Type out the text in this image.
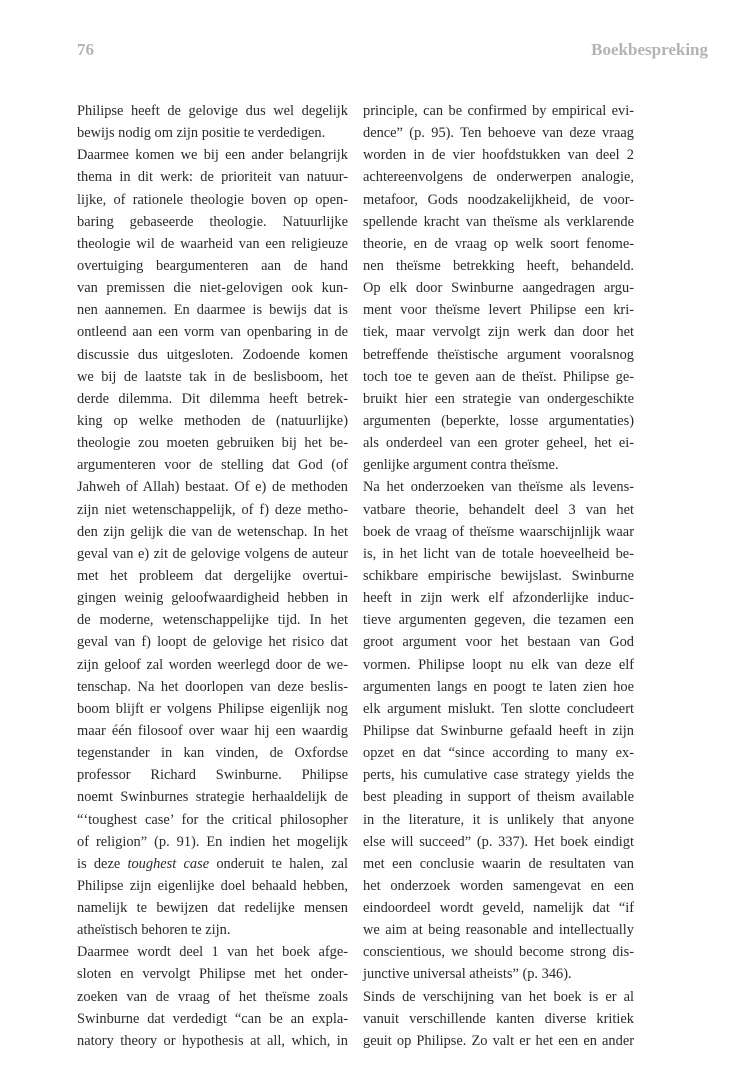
76	Boekbespreking
Philipse heeft de gelovige dus wel degelijk
bewijs nodig om zijn positie te verdedigen.
Daarmee komen we bij een ander belangrijk
thema in dit werk: de prioriteit van natuur-
lijke, of rationele theologie boven op open-
baring gebaseerde theologie. Natuurlijke
theologie wil de waarheid van een religieuze
overtuiging beargumenteren aan de hand
van premissen die niet-gelovigen ook kun-
nen aannemen. En daarmee is bewijs dat is
ontleend aan een vorm van openbaring in de
discussie dus uitgesloten. Zodoende komen
we bij de laatste tak in de beslisboom, het
derde dilemma. Dit dilemma heeft betrek-
king op welke methoden de (natuurlijke)
theologie zou moeten gebruiken bij het be-
argumenteren voor de stelling dat God (of
Jahweh of Allah) bestaat. Of e) de methoden
zijn niet wetenschappelijk, of f) deze metho-
den zijn gelijk die van de wetenschap. In het
geval van e) zit de gelovige volgens de auteur
met het probleem dat dergelijke overtui-
gingen weinig geloofwaardigheid hebben in
de moderne, wetenschappelijke tijd. In het
geval van f) loopt de gelovige het risico dat
zijn geloof zal worden weerlegd door de we-
tenschap. Na het doorlopen van deze beslis-
boom blijft er volgens Philipse eigenlijk nog
maar één filosoof over waar hij een waardig
tegenstander in kan vinden, de Oxfordse
professor Richard Swinburne. Philipse
noemt Swinburnes strategie herhaaldelijk de
“‘toughest case’ for the critical philosopher
of religion” (p. 91). En indien het mogelijk
is deze toughest case onderuit te halen, zal
Philipse zijn eigenlijke doel behaald hebben,
namelijk te bewijzen dat redelijke mensen
atheïstisch behoren te zijn.
Daarmee wordt deel 1 van het boek afge-
sloten en vervolgt Philipse met het onder-
zoeken van de vraag of het theïsme zoals
Swinburne dat verdedigt “can be an expla-
natory theory or hypothesis at all, which, in
principle, can be confirmed by empirical evi-
dence” (p. 95). Ten behoeve van deze vraag
worden in de vier hoofdstukken van deel 2
achtereenvolgens de onderwerpen analogie,
metafoor, Gods noodzakelijkheid, de voor-
spellende kracht van theïsme als verklarende
theorie, en de vraag op welk soort fenome-
nen theïsme betrekking heeft, behandeld.
Op elk door Swinburne aangedragen argu-
ment voor theïsme levert Philipse een kri-
tiek, maar vervolgt zijn werk dan door het
betreffende theïstische argument vooralsnog
toch toe te geven aan de theïst. Philipse ge-
bruikt hier een strategie van ondergeschikte
argumenten (beperkte, losse argumentaties)
als onderdeel van een groter geheel, het ei-
genlijke argument contra theïsme.
Na het onderzoeken van theïsme als levens-
vatbare theorie, behandelt deel 3 van het
boek de vraag of theïsme waarschijnlijk waar
is, in het licht van de totale hoeveelheid be-
schikbare empirische bewijslast. Swinburne
heeft in zijn werk elf afzonderlijke induc-
tieve argumenten gegeven, die tezamen een
groot argument voor het bestaan van God
vormen. Philipse loopt nu elk van deze elf
argumenten langs en poogt te laten zien hoe
elk argument mislukt. Ten slotte concludeert
Philipse dat Swinburne gefaald heeft in zijn
opzet en dat “since according to many ex-
perts, his cumulative case strategy yields the
best pleading in support of theism available
in the literature, it is unlikely that anyone
else will succeed” (p. 337). Het boek eindigt
met een conclusie waarin de resultaten van
het onderzoek worden samengevat en een
eindoordeel wordt geveld, namelijk dat “if
we aim at being reasonable and intellectually
conscientious, we should become strong dis-
junctive universal atheists” (p. 346).
Sinds de verschijning van het boek is er al
vanuit verschillende kanten diverse kritiek
geuit op Philipse. Zo valt er het een en ander
